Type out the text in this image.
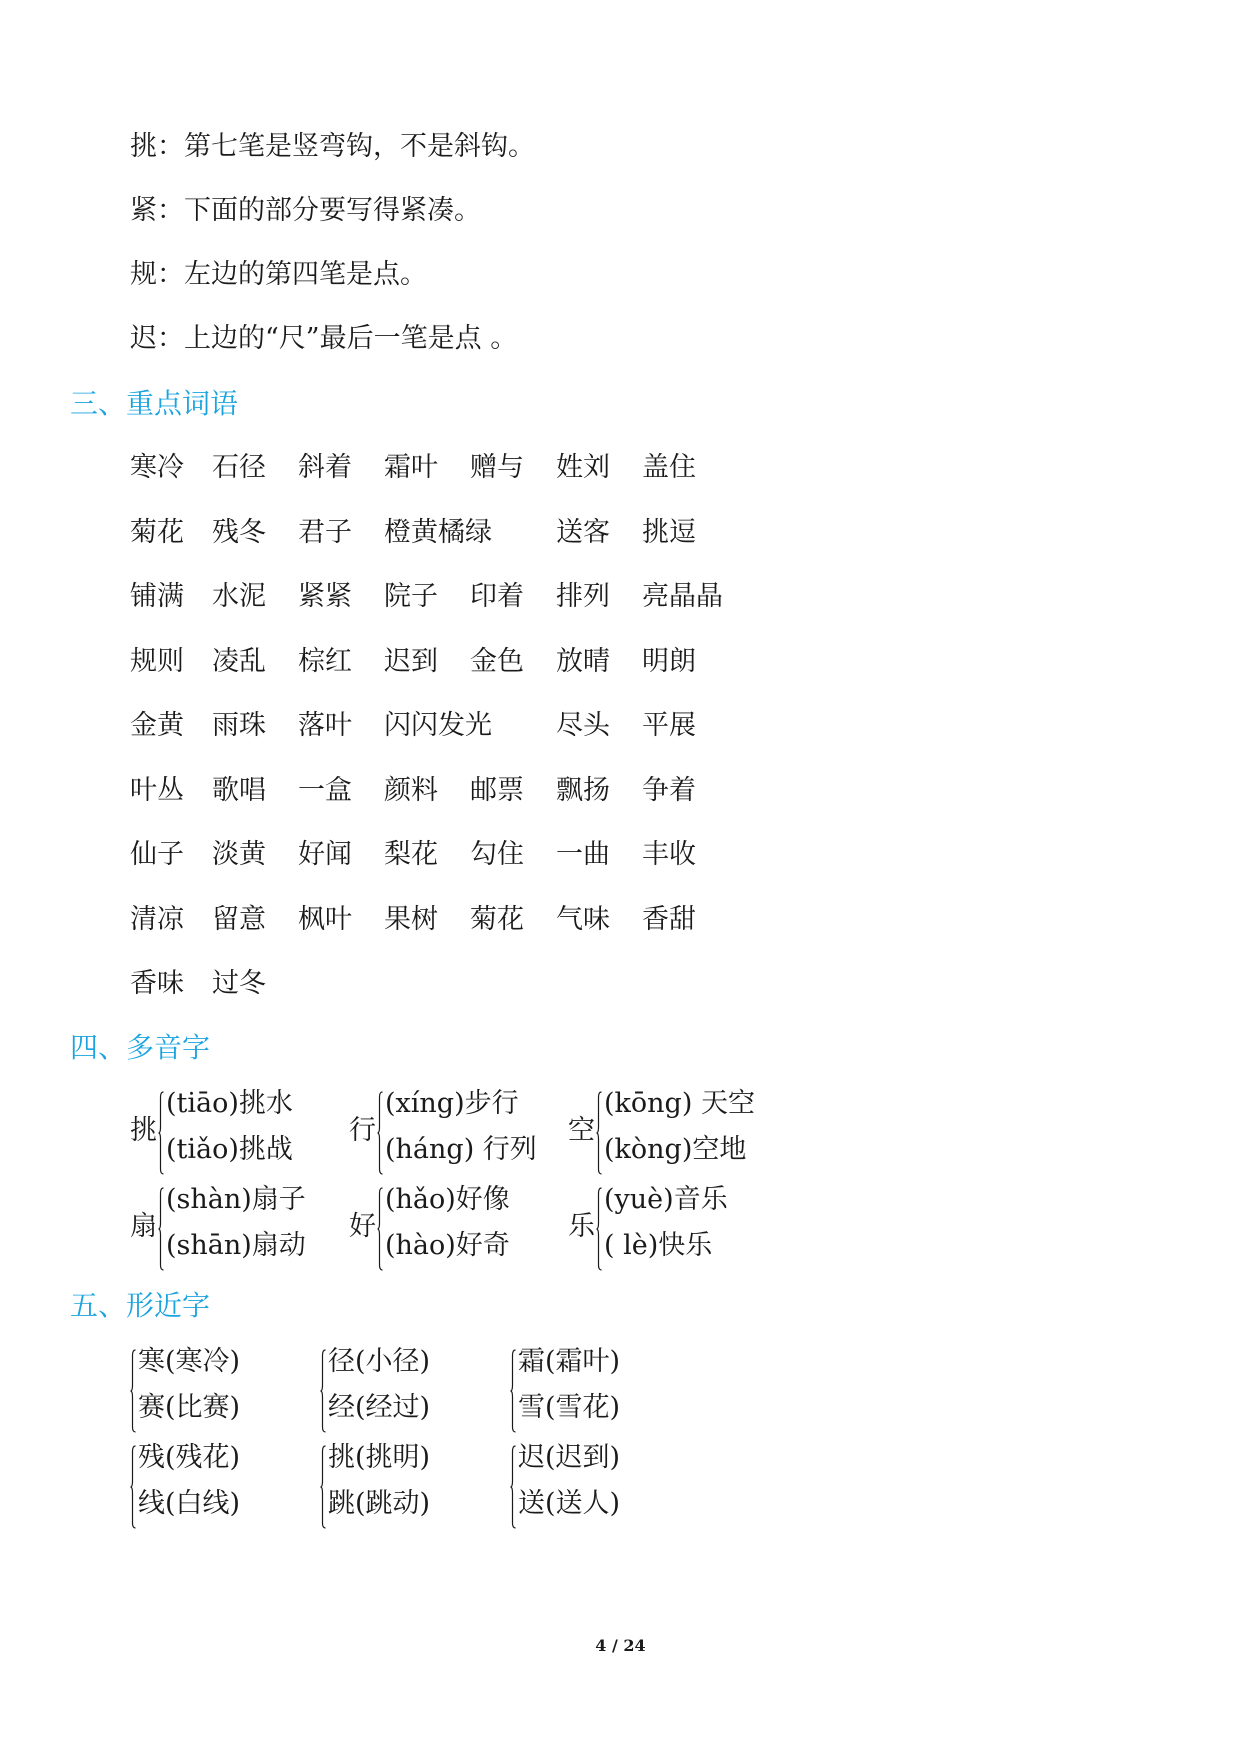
挑：第七笔是竖弯钩，不是斜钩。
紧：下面的部分要写得紧凑。
规：左边的第四笔是点。
迟：上边的“尺”最后一笔是点 。
三、重点词语
寒冷 石径 斜着 霜叶 赠与 姓刘 盖住
菊花 残冬 君子 橙黄橘绿 送客 挑逗
铺满 水泥 紧紧 院子 印着 排列 亮晶晶
规则 凌乱 棕红 迟到 金色 放晴 明朗
金黄 雨珠 落叶 闪闪发光 尽头 平展
叶丛 歌唱 一盒 颜料 邮票 飘扬 争着
仙子 淡黄 好闻 梨花 勾住 一曲 丰收
清凉 留意 枫叶 果树 菊花 气味 香甜
香味 过冬
四、多音字
挑
(tiāo)挑水
(tiǎo)挑战
行
(xíng)步行
(háng) 行列
空
(kōng) 天空
(kòng)空地
扇
(shàn)扇子
(shān)扇动
好
(hǎo)好像
(hào)好奇
乐
(yuè)音乐
( lè)快乐
五、形近字
寒(寒冷)
赛(比赛)
径(小径)
经(经过)
霜(霜叶)
雪(雪花)
残(残花)
线(白线)
挑(挑明)
跳(跳动)
迟(迟到)
送(送人)
4 / 24
